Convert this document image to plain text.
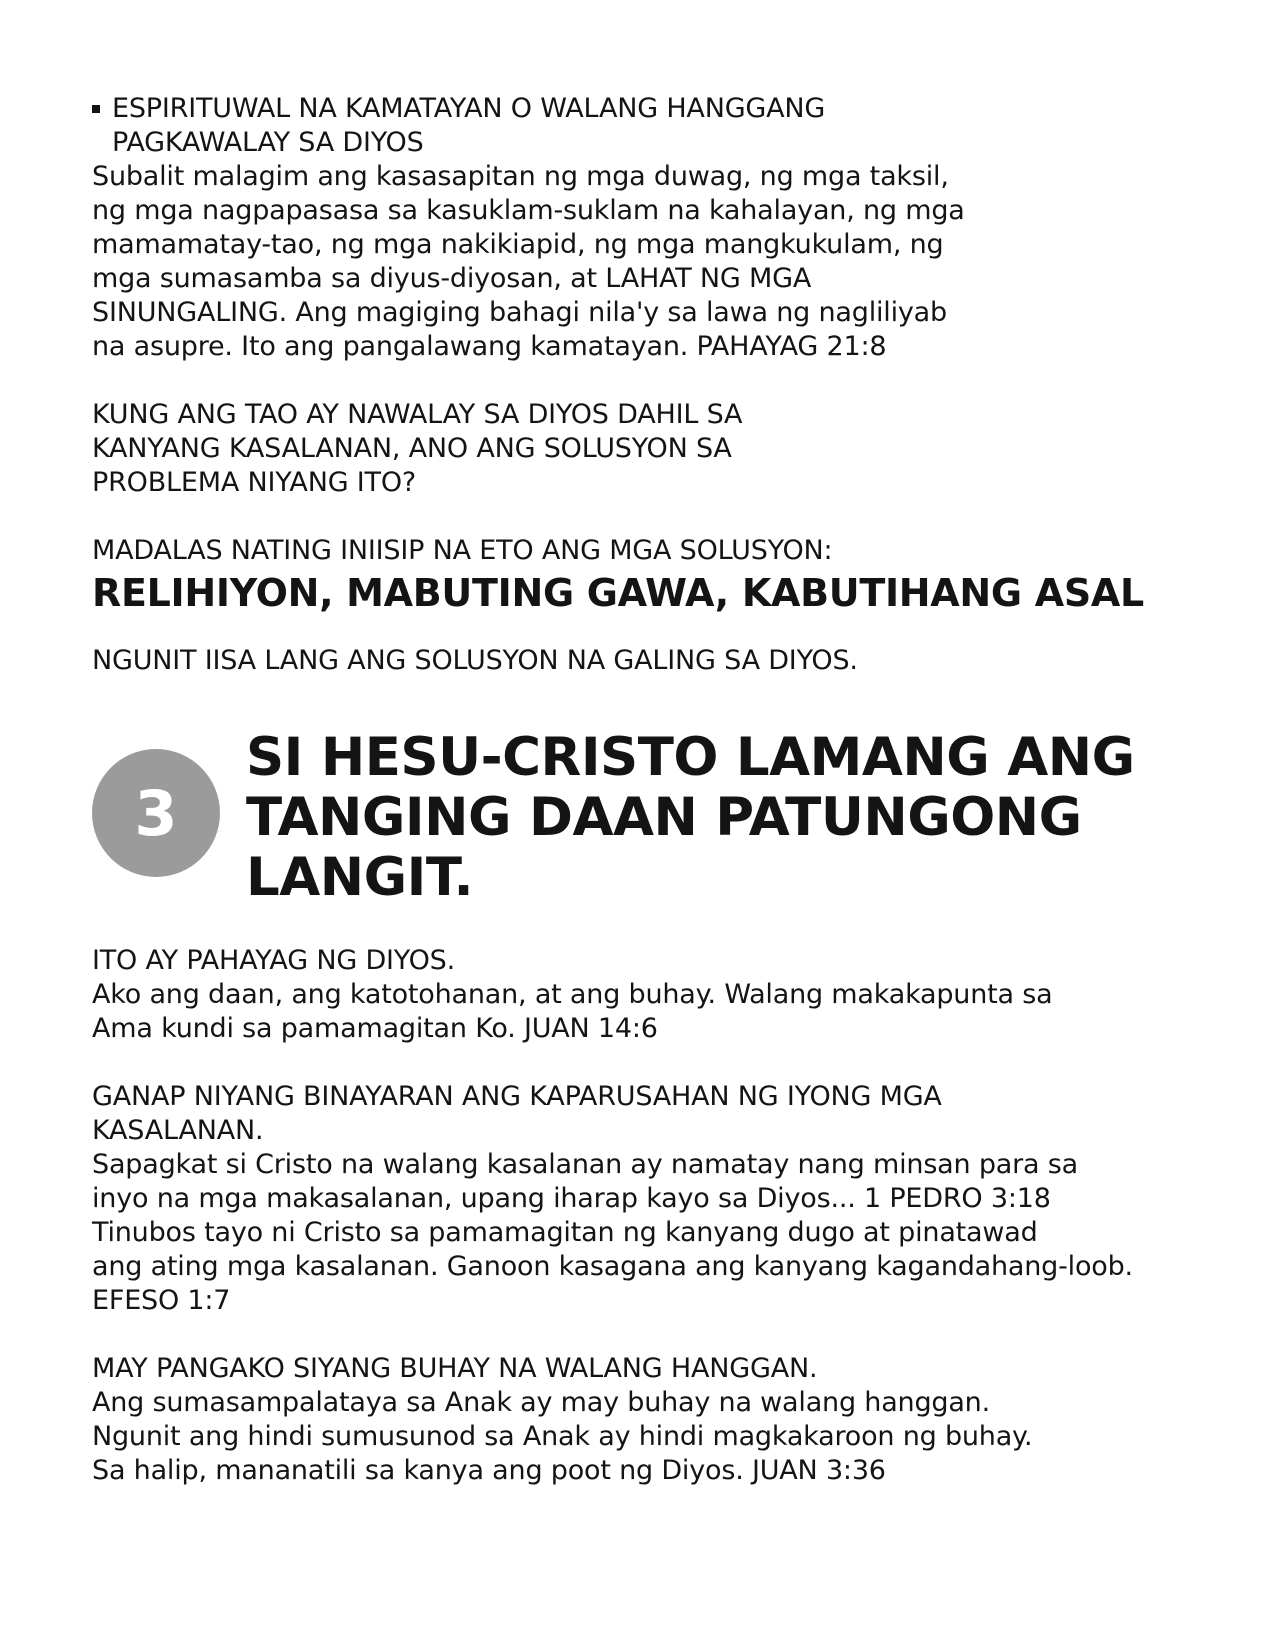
ESPIRITUWAL NA KAMATAYAN O WALANG HANGGANG
PAGKAWALAY SA DIYOS
Subalit malagim ang kasasapitan ng mga duwag, ng mga taksil,
ng mga nagpapasasa sa kasuklam-suklam na kahalayan, ng mga
mamamatay-tao, ng mga nakikiapid, ng mga mangkukulam, ng
mga sumasamba sa diyus-diyosan, at LAHAT NG MGA
SINUNGALING. Ang magiging bahagi nila'y sa lawa ng nagliliyab
na asupre. Ito ang pangalawang kamatayan. PAHAYAG 21:8
KUNG ANG TAO AY NAWALAY SA DIYOS DAHIL SA
KANYANG KASALANAN, ANO ANG SOLUSYON SA
PROBLEMA NIYANG ITO?
MADALAS NATING INIISIP NA ETO ANG MGA SOLUSYON:
RELIHIYON, MABUTING GAWA, KABUTIHANG ASAL
NGUNIT IISA LANG ANG SOLUSYON NA GALING SA DIYOS.
3
SI HESU-CRISTO LAMANG ANG
TANGING DAAN PATUNGONG
LANGIT.
ITO AY PAHAYAG NG DIYOS.
Ako ang daan, ang katotohanan, at ang buhay. Walang makakapunta sa
Ama kundi sa pamamagitan Ko. JUAN 14:6
GANAP NIYANG BINAYARAN ANG KAPARUSAHAN NG IYONG MGA
KASALANAN.
Sapagkat si Cristo na walang kasalanan ay namatay nang minsan para sa
inyo na mga makasalanan, upang iharap kayo sa Diyos... 1 PEDRO 3:18
Tinubos tayo ni Cristo sa pamamagitan ng kanyang dugo at pinatawad
ang ating mga kasalanan. Ganoon kasagana ang kanyang kagandahang-loob.
EFESO 1:7
MAY PANGAKO SIYANG BUHAY NA WALANG HANGGAN.
Ang sumasampalataya sa Anak ay may buhay na walang hanggan.
Ngunit ang hindi sumusunod sa Anak ay hindi magkakaroon ng buhay.
Sa halip, mananatili sa kanya ang poot ng Diyos. JUAN 3:36
